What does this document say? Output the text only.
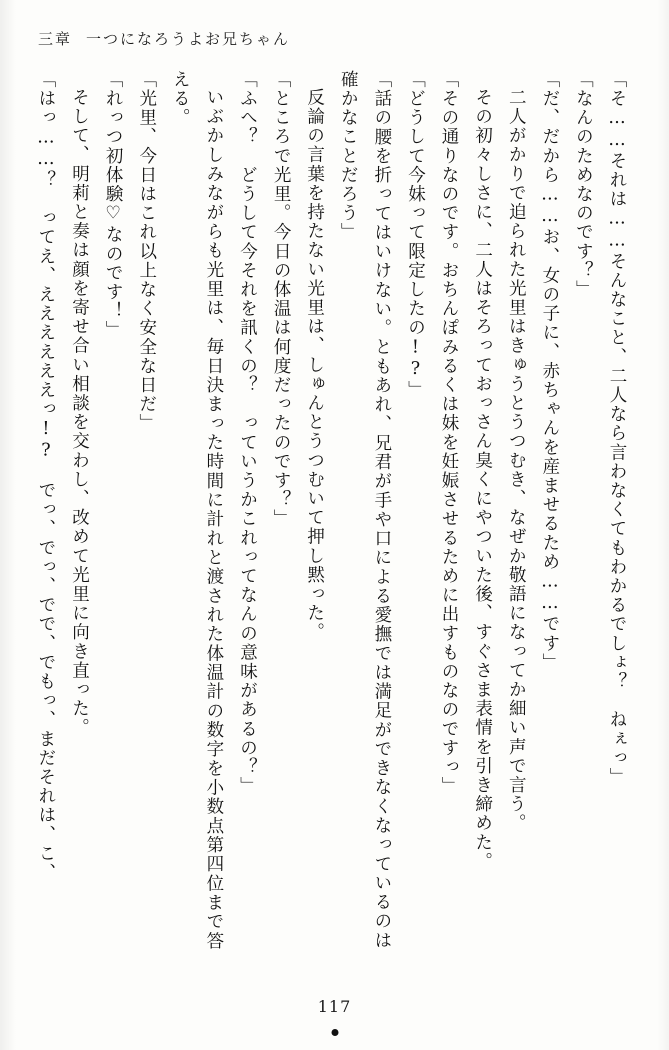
三章 一つになろうよお兄ちゃん

「そ……それは……そんなこと、二人なら言わなくてもわかるでしょ？　ねぇっ」

「なんのためなのです？」

「だ、だから……お、女の子に、赤ちゃんを産ませるため……です」

二人がかりで迫られた光里はきゅうとうつむき、なぜか敬語になってか細い声で言う。

その初々しさに、二人はそろっておっさん臭くにやついた後、すぐさま表情を引き締めた。

「その通りなのです。おちんぽみるくは妹を妊娠させるために出すものなのですっ」

「どうして今妹って限定したの!?」

「話の腰を折ってはいけない。ともあれ、兄君が手や口による愛撫では満足ができなくなっているのは確かなことだろう」

反論の言葉を持たない光里は、しゅんとうつむいて押し黙った。

「ところで光里。今日の体温は何度だったのです？」

「ふへ？　どうして今それを訊くの？　っていうかこれってなんの意味があるの？」

いぶかしみながらも光里は、毎日決まった時間に計れと渡された体温計の数字を小数点第四位まで答える。

「光里、今日はこれ以上なく安全な日だ」

「れっつ初体験♡なのです！」

そして、明莉と奏は顔を寄せ合い相談を交わし、改めて光里に向き直った。

「はっ……？　ってえ、ええええええっ!?　でっ、でっ、でで、でもっ、まだそれは、こ、

117
